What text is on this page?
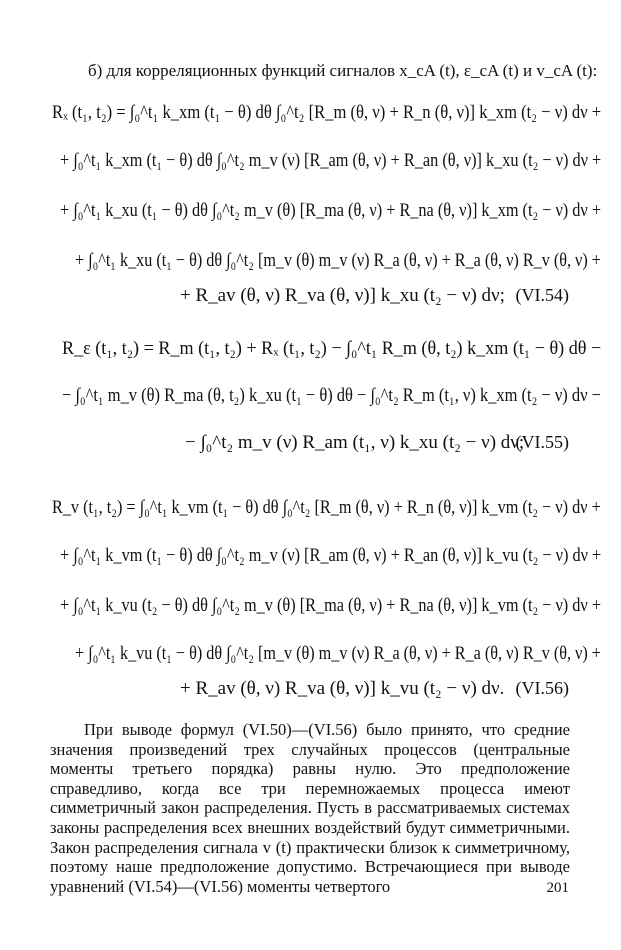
б) для корреляционных функций сигналов x_cA (t), ε_cA (t) и v_cA (t):
Rₓ (t₁, t₂) = ∫₀^t₁ k_xm (t₁ − θ) dθ ∫₀^t₂ [R_m (θ, ν) + R_n (θ, ν)] k_xm (t₂ − ν) dν +
+ ∫₀^t₁ k_xm (t₁ − θ) dθ ∫₀^t₂ m_v (ν) [R_am (θ, ν) + R_an (θ, ν)] k_xu (t₂ − ν) dν +
+ ∫₀^t₁ k_xu (t₁ − θ) dθ ∫₀^t₂ m_v (θ) [R_ma (θ, ν) + R_na (θ, ν)] k_xm (t₂ − ν) dν +
+ ∫₀^t₁ k_xu (t₁ − θ) dθ ∫₀^t₂ [m_v (θ) m_v (ν) R_a (θ, ν) + R_a (θ, ν) R_v (θ, ν) +
+ R_av (θ, ν) R_va (θ, ν)] k_xu (t₂ − ν) dν; (VI.54)
R_ε (t₁, t₂) = R_m (t₁, t₂) + Rₓ (t₁, t₂) − ∫₀^t₁ R_m (θ, t₂) k_xm (t₁ − θ) dθ −
− ∫₀^t₁ m_v (θ) R_ma (θ, t₂) k_xu (t₁ − θ) dθ − ∫₀^t₂ R_m (t₁, ν) k_xm (t₂ − ν) dν −
− ∫₀^t₂ m_v (ν) R_am (t₁, ν) k_xu (t₂ − ν) dν;
(VI.55)
R_v (t₁, t₂) = ∫₀^t₁ k_vm (t₁ − θ) dθ ∫₀^t₂ [R_m (θ, ν) + R_n (θ, ν)] k_vm (t₂ − ν) dν +
+ ∫₀^t₁ k_vm (t₁ − θ) dθ ∫₀^t₂ m_v (ν) [R_am (θ, ν) + R_an (θ, ν)] k_vu (t₂ − ν) dν +
+ ∫₀^t₁ k_vu (t₂ − θ) dθ ∫₀^t₂ m_v (θ) [R_ma (θ, ν) + R_na (θ, ν)] k_vm (t₂ − ν) dν +
+ ∫₀^t₁ k_vu (t₁ − θ) dθ ∫₀^t₂ [m_v (θ) m_v (ν) R_a (θ, ν) + R_a (θ, ν) R_v (θ, ν) +
+ R_av (θ, ν) R_va (θ, ν)] k_vu (t₂ − ν) dν. (VI.56)
При выводе формул (VI.50)—(VI.56) было принято, что средние значения произведений трех случайных процессов (центральные моменты третьего порядка) равны нулю. Это предположение справедливо, когда все три перемножаемых процесса имеют симметричный закон распределения. Пусть в рассматриваемых системах законы распределения всех внешних воздействий будут симметричными. Закон распределения сигнала v (t) практически близок к симметричному, поэтому наше предположение допустимо. Встречающиеся при выводе уравнений (VI.54)—(VI.56) моменты четвертого	201
